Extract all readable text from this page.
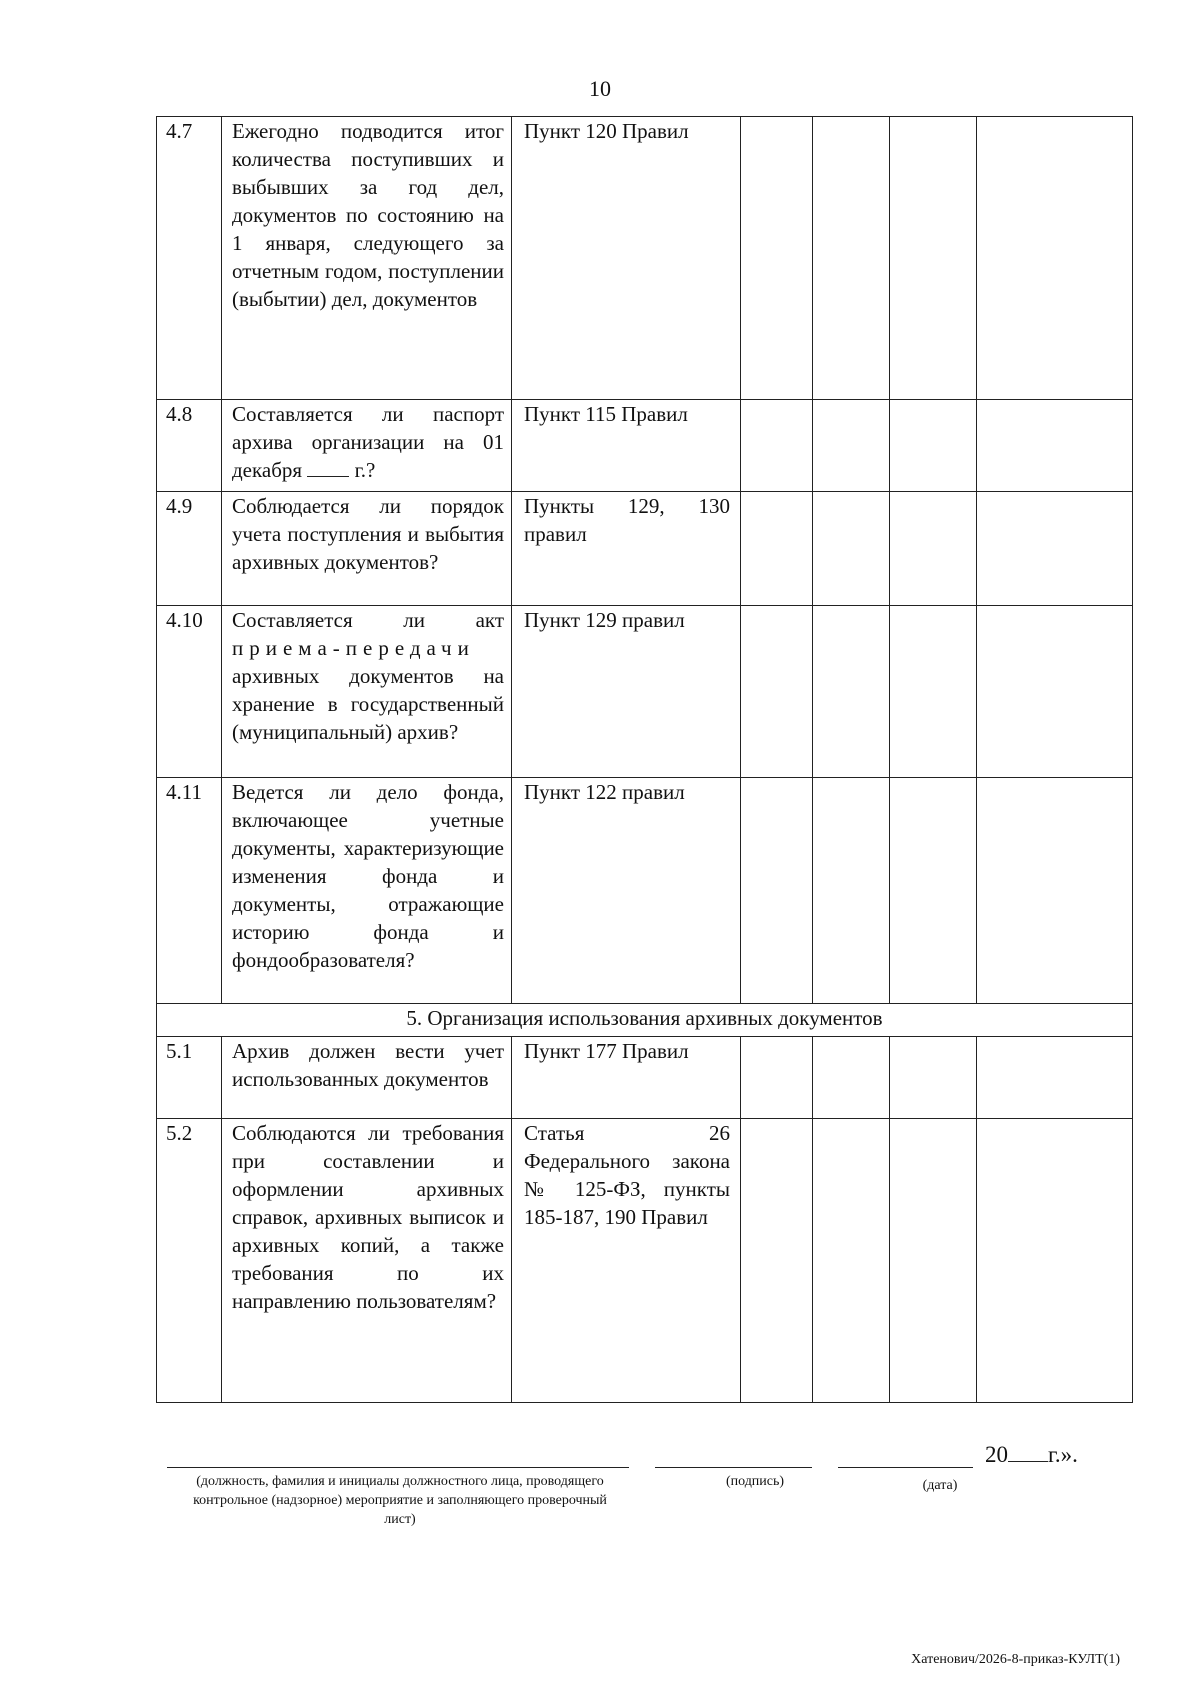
10
4.7	Ежегодно подводится итог количества поступивших и выбывших за год дел, документов по состоянию на 1 января, следующего за отчетным годом, поступлении (выбытии) дел, документов	Пункт 120 Правил				
4.8	Составляется ли паспорт архива организации на 01 декабря г.?	Пункт 115 Правил				
4.9	Соблюдается ли порядок учета поступления и выбытия архивных документов?	Пункты 129, 130 правил				
4.10	Составляется ли акт приема-передачи архивных документов на хранение в государственный (муниципальный) архив?	Пункт 129 правил				
4.11	Ведется ли дело фонда, включающее учетные документы, характеризующие изменения фонда и документы, отражающие историю фонда и фондообразователя?	Пункт 122 правил				
5. Организация использования архивных документов						
5.1	Архив должен вести учет использованных документов	Пункт 177 Правил				
5.2	Соблюдаются ли требования при составлении и оформлении архивных справок, архивных выписок и архивных копий, а также требования по их направлению пользователям?	Статья 26 Федерального закона № 125-ФЗ, пункты 185-187, 190 Правил				
20 г.».
(должность, фамилия и инициалы должностного лица, проводящего контрольное (надзорное) мероприятие и заполняющего проверочный лист)
(подпись)	(дата)
Хатенович/2026-8-приказ-КУЛТ(1)
